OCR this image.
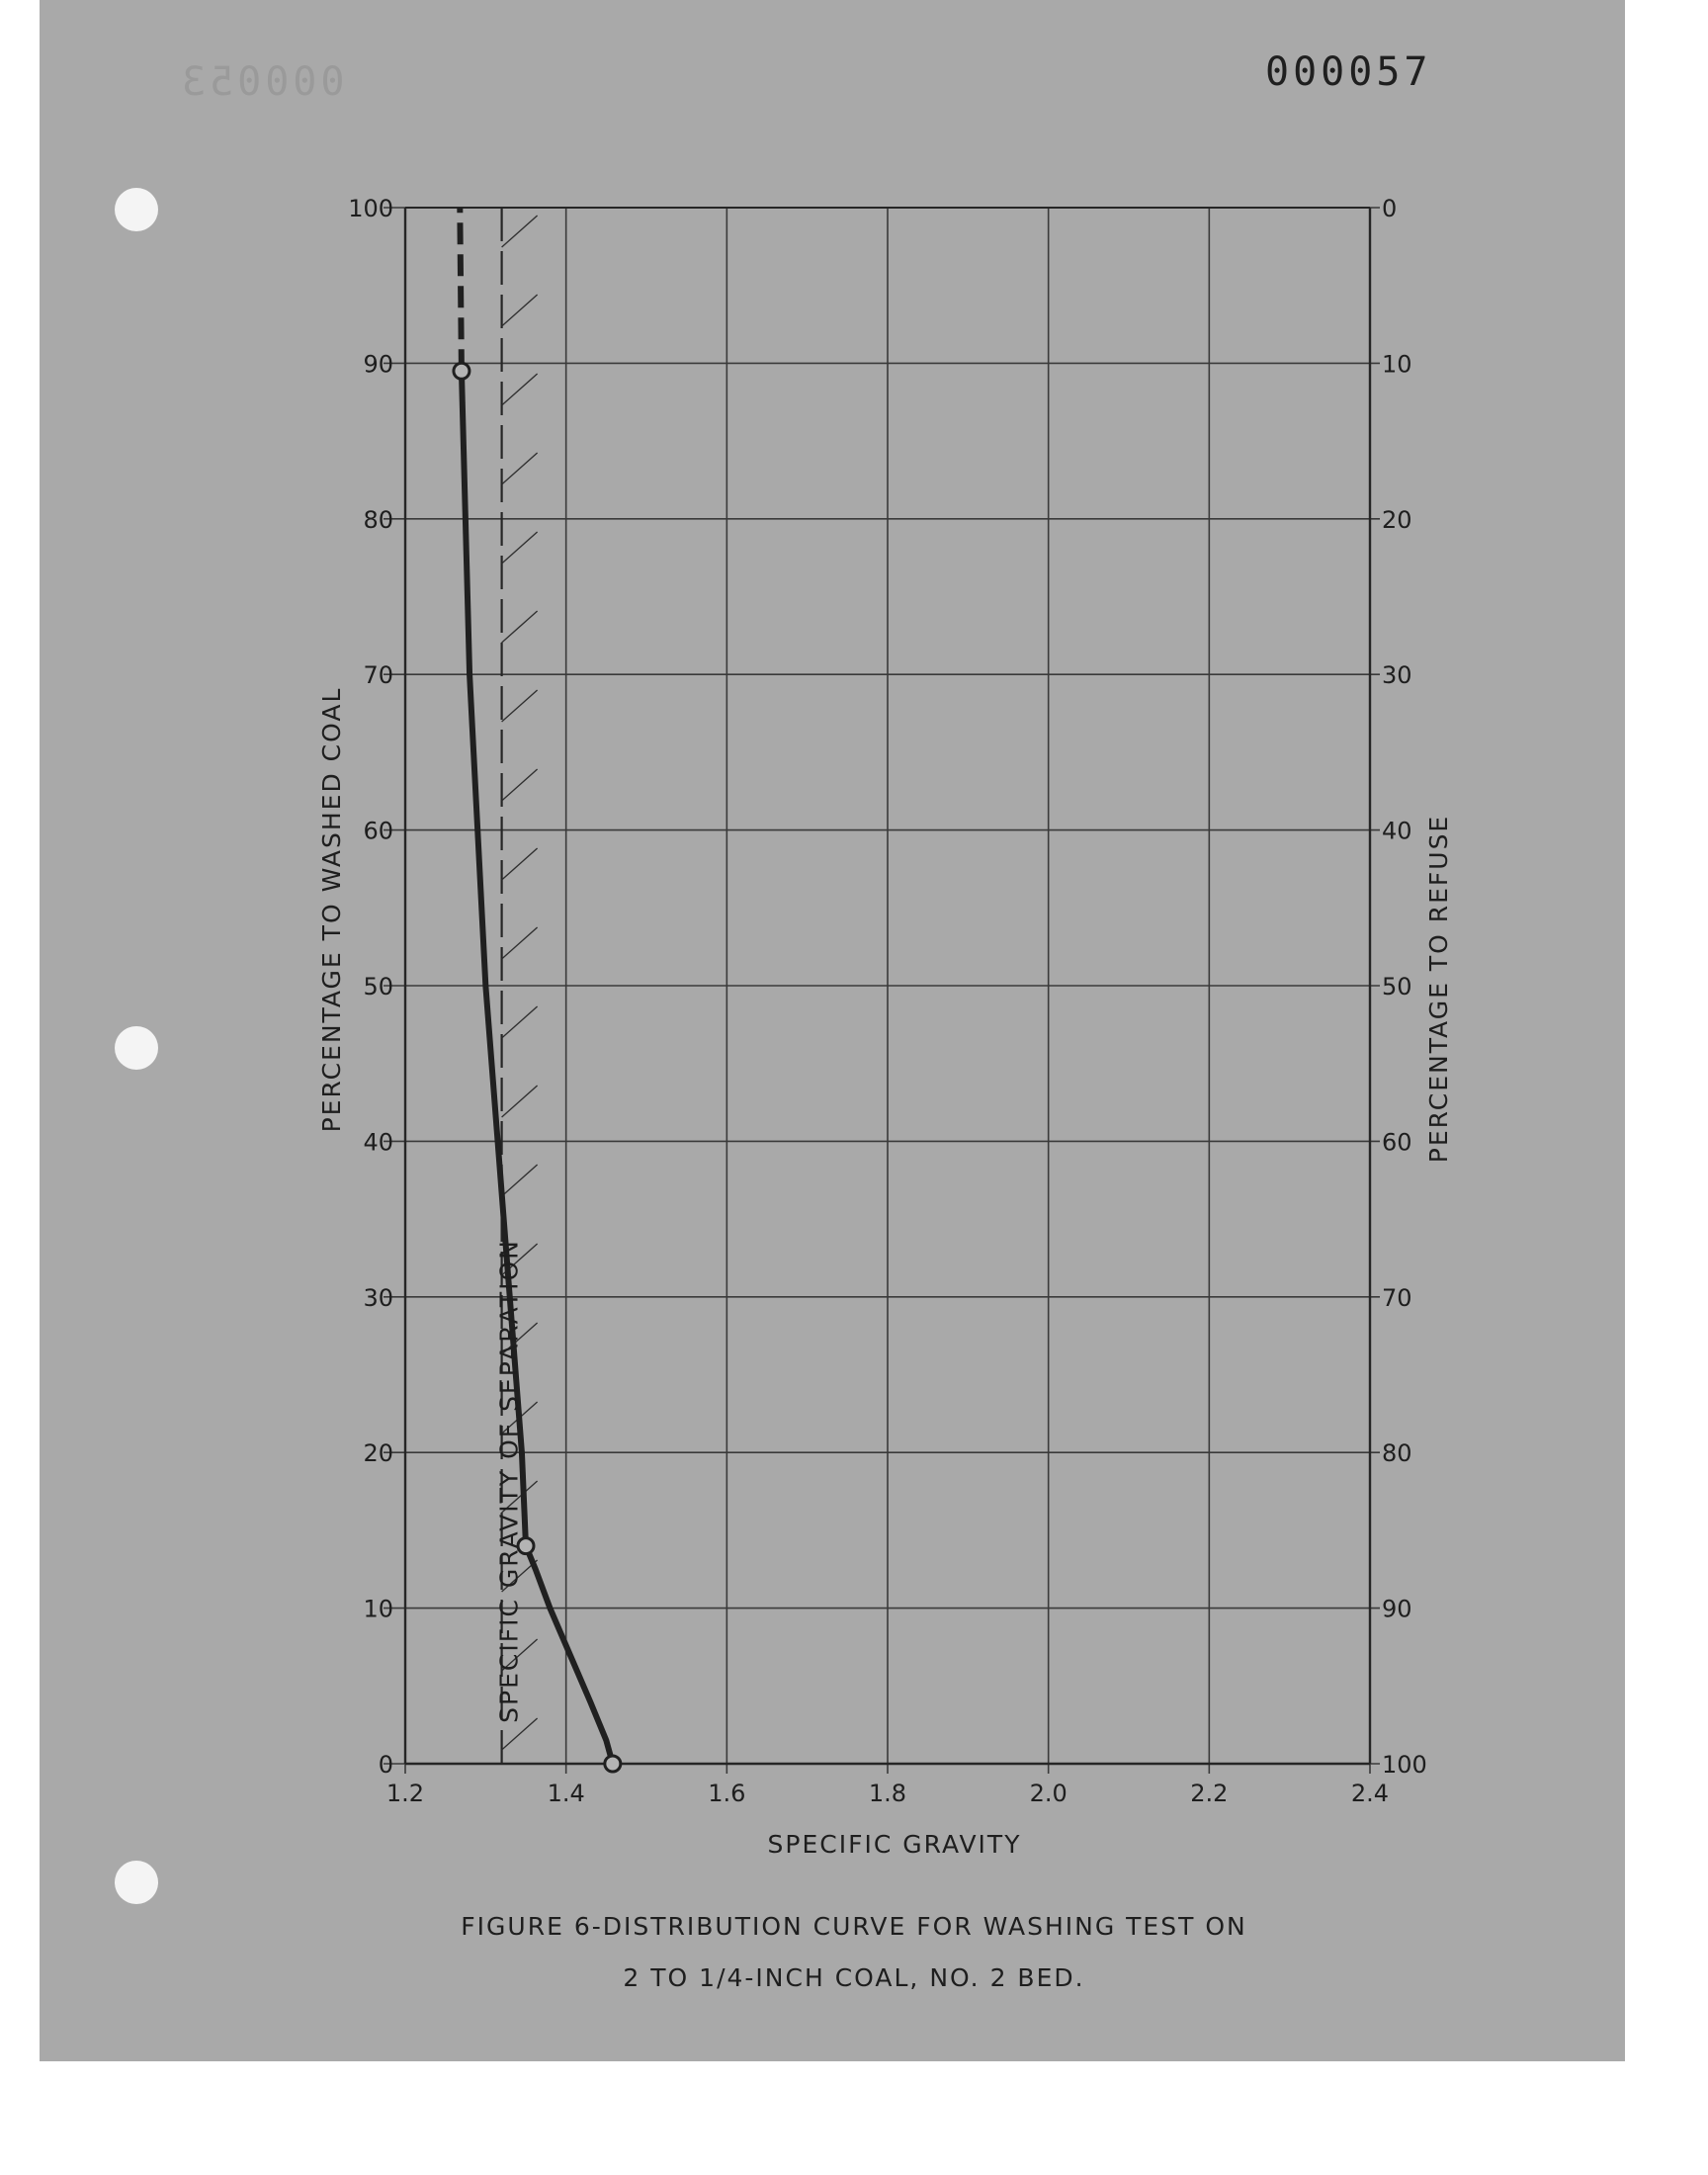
000053	000057
1.2	1.4	1.6	1.8	2.0	2.2	2.4
0	100
10	90
20	80
30	70
40	60
50	50
60	40
70	30
80	20
90	10
100	0
SPECIFIC GRAVITY OF SEPARATION
SPECIFIC GRAVITY
PERCENTAGE TO WASHED COAL	PERCENTAGE TO REFUSE
FIGURE 6-DISTRIBUTION CURVE FOR WASHING TEST ON
2 TO 1/4-INCH COAL, NO. 2 BED.
